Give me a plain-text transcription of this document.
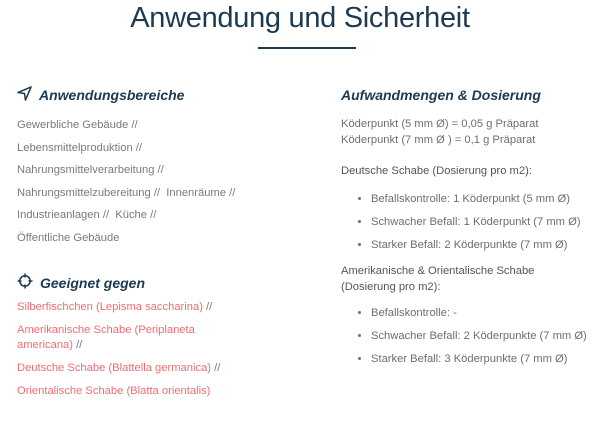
Anwendung und Sicherheit
Anwendungsbereiche
Gewerbliche Gebäude //
Lebensmittelproduktion //
Nahrungsmittelverarbeitung //
Nahrungsmittelzubereitung //  Innenräume //
Industrieanlagen //  Küche //
Öffentliche Gebäude
Geeignet gegen
Silberfischchen (Lepisma saccharina) //
Amerikanische Schabe (Periplaneta americana) //
Deutsche Schabe (Blattella germanica) //
Orientalische Schabe (Blatta orientalis)
Aufwandmengen & Dosierung
Köderpunkt (5 mm Ø) = 0,05 g Präparat
Köderpunkt (7 mm Ø ) = 0,1 g Präparat
Deutsche Schabe (Dosierung pro m2):
• Befallskontrolle: 1 Köderpunkt (5 mm Ø)
• Schwacher Befall: 1 Köderpunkt (7 mm Ø)
• Starker Befall: 2 Köderpunkte (7 mm Ø)
Amerikanische & Orientalische Schabe (Dosierung pro m2):
• Befallskontrolle: -
• Schwacher Befall: 2 Köderpunkte (7 mm Ø)
• Starker Befall: 3 Köderpunkte (7 mm Ø)
